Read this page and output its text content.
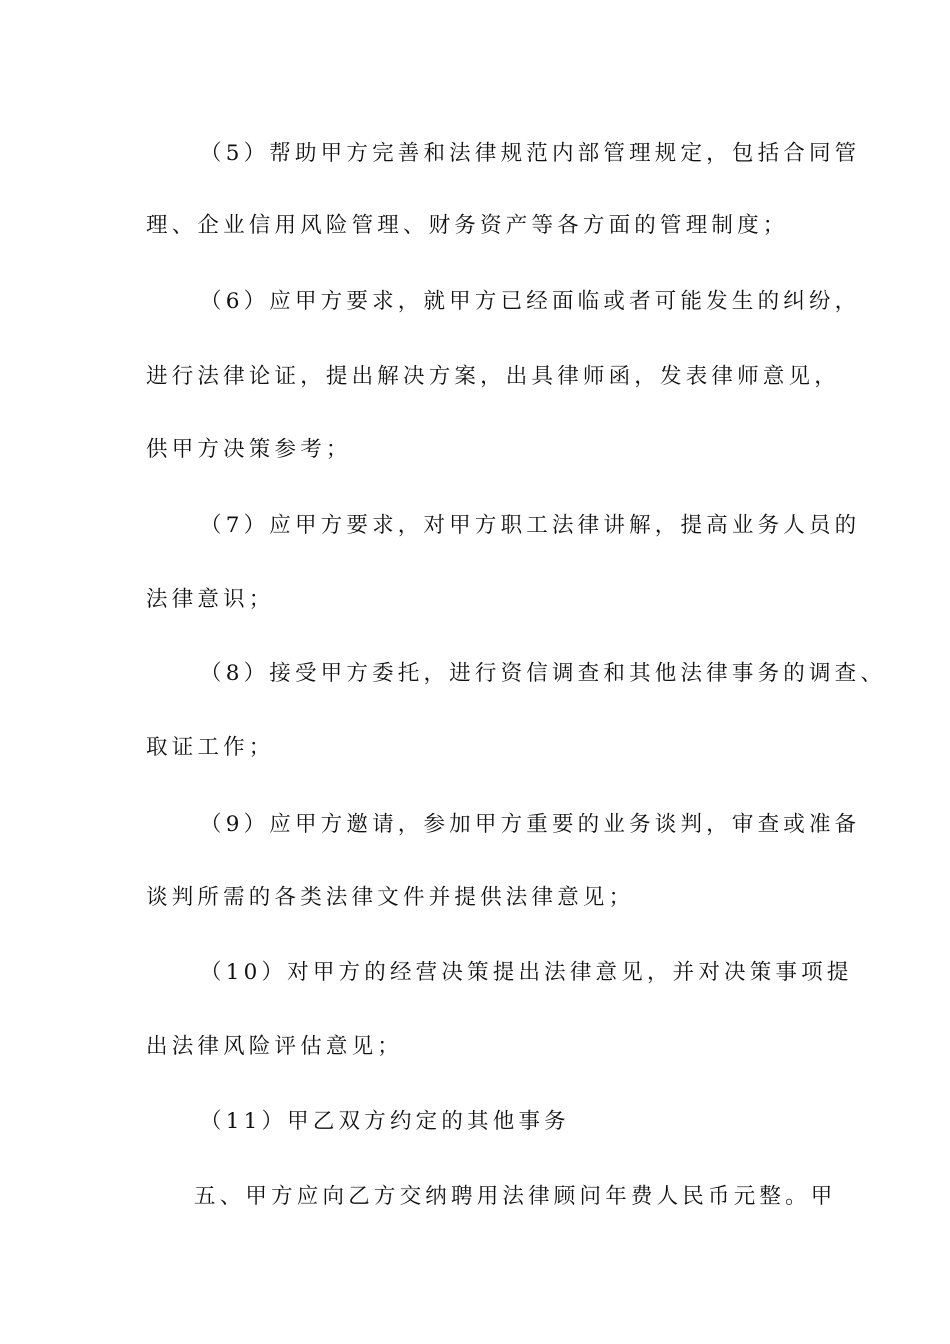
（5）帮助甲方完善和法律规范内部管理规定，包括合同管
理、企业信用风险管理、财务资产等各方面的管理制度；
（6）应甲方要求，就甲方已经面临或者可能发生的纠纷，
进行法律论证，提出解决方案，出具律师函，发表律师意见，
供甲方决策参考；
（7）应甲方要求，对甲方职工法律讲解，提高业务人员的
法律意识；
（8）接受甲方委托，进行资信调查和其他法律事务的调查、
取证工作；
（9）应甲方邀请，参加甲方重要的业务谈判，审查或准备
谈判所需的各类法律文件并提供法律意见；
（10）对甲方的经营决策提出法律意见，并对决策事项提
出法律风险评估意见；
（11）甲乙双方约定的其他事务
五、甲方应向乙方交纳聘用法律顾问年费人民币元整。甲
